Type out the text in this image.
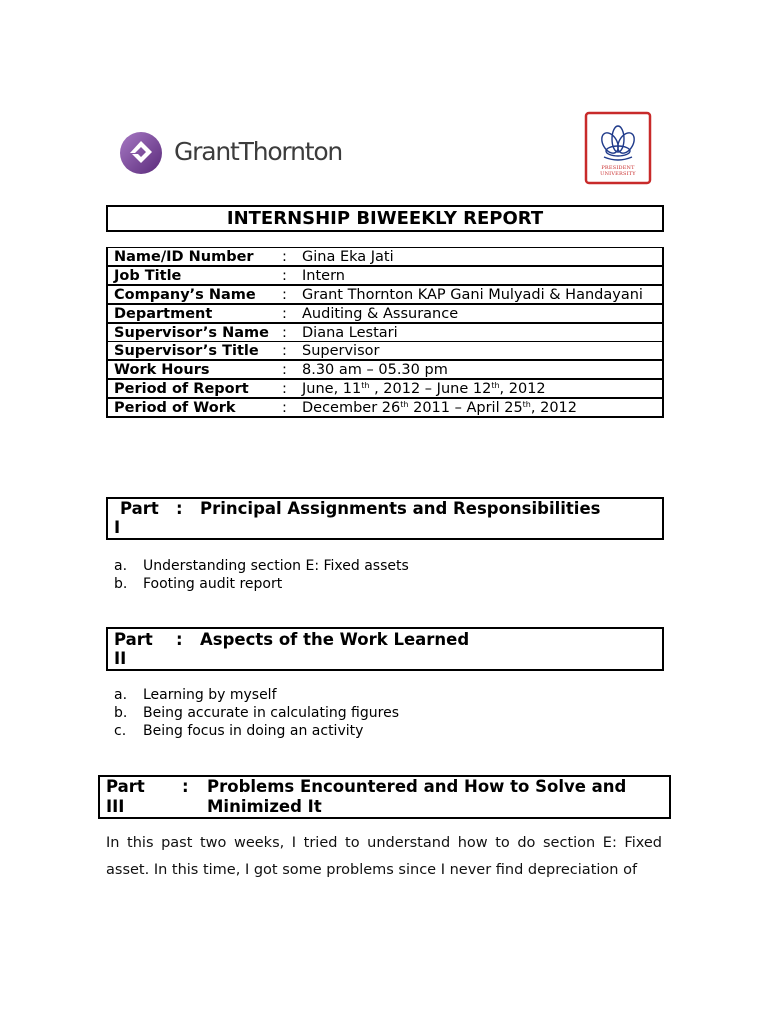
GrantThornton
PRESIDENT UNIVERSITY
INTERNSHIP BIWEEKLY REPORT
Name/ID Number	:	Gina Eka Jati
Job Title	:	Intern
Company’s Name	:	Grant Thornton KAP Gani Mulyadi & Handayani
Department	:	Auditing & Assurance
Supervisor’s Name	:	Diana Lestari
Supervisor’s Title	:	Supervisor
Work Hours	:	8.30 am – 05.30 pm
Period of Report	:	June, 11th , 2012 – June 12th, 2012
Period of Work	:	December 26th 2011 – April 25th, 2012
Part
I
: Principal Assignments and Responsibilities
a. Understanding section E: Fixed assets
b. Footing audit report
Part
II
: Aspects of the Work Learned
a. Learning by myself
b. Being accurate in calculating figures
c. Being focus in doing an activity
Part
III
: Problems Encountered and How to Solve and
Minimized It
In this past two weeks, I tried to understand how to do section E: Fixed asset. In this time, I got some problems since I never find depreciation of
